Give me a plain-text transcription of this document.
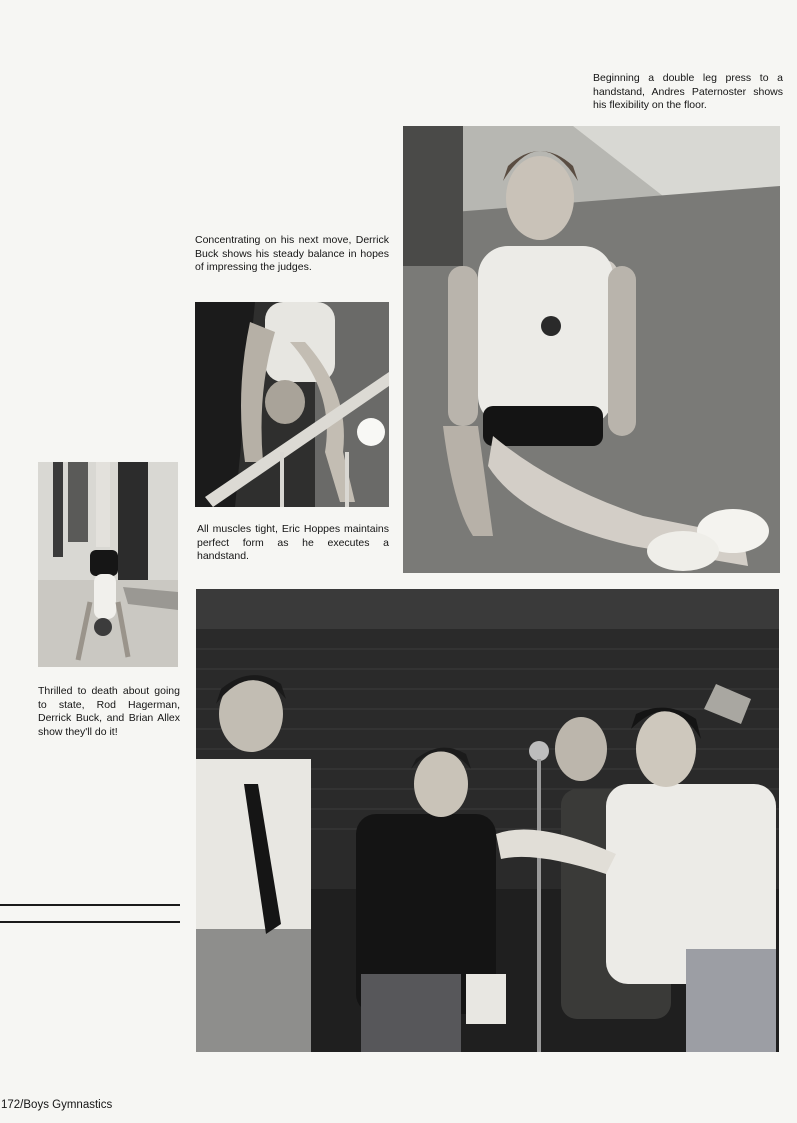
Beginning a double leg press to a handstand, Andres Paternoster shows his flexibility on the floor.
Concentrating on his next move, Derrick Buck shows his steady balance in hopes of impressing the judges.
All muscles tight, Eric Hoppes maintains perfect form as he executes a handstand.
Thrilled to death about going to state, Rod Hagerman, Derrick Buck, and Brian Allex show they'll do it!
172/Boys Gymnastics
